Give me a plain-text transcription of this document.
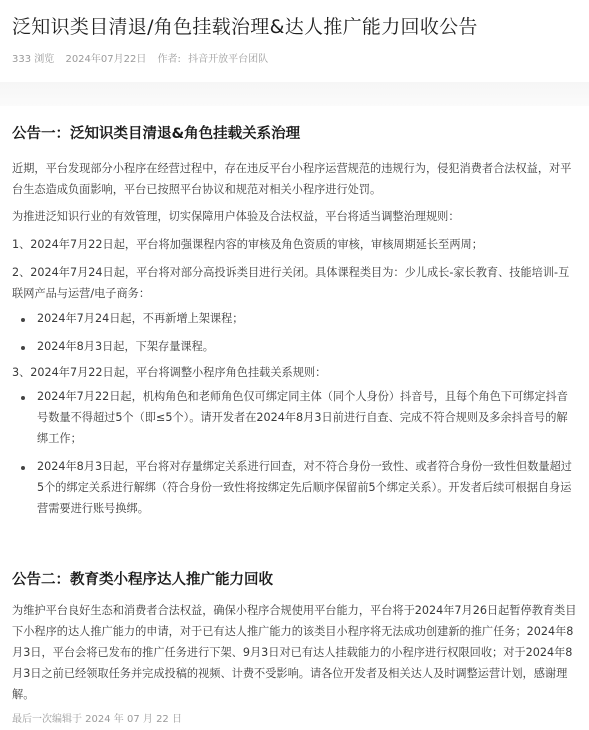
泛知识类目清退/角色挂载治理&达人推广能力回收公告
333 浏览 2024年07月22日 作者: 抖音开放平台团队
公告一：泛知识类目清退&角色挂载关系治理

近期，平台发现部分小程序在经营过程中，存在违反平台小程序运营规范的违规行为，侵犯消费者合法权益，对平台生态造成负面影响，平台已按照平台协议和规范对相关小程序进行处罚。

为推进泛知识行业的有效管理，切实保障用户体验及合法权益，平台将适当调整治理规则：

1、2024年7月22日起，平台将加强课程内容的审核及角色资质的审核，审核周期延长至两周；

2、2024年7月24日起，平台将对部分高投诉类目进行关闭。具体课程类目为：少儿成长-家长教育、技能培训-互联网产品与运营/电子商务：

2024年7月24日起，不再新增上架课程；

2024年8月3日起，下架存量课程。

3、2024年7月22日起，平台将调整小程序角色挂载关系规则：

2024年7月22日起，机构角色和老师角色仅可绑定同主体（同个人身份）抖音号，且每个角色下可绑定抖音号数量不得超过5个（即≤5个）。请开发者在2024年8月3日前进行自查、完成不符合规则及多余抖音号的解绑工作；

2024年8月3日起，平台将对存量绑定关系进行回查，对不符合身份一致性、或者符合身份一致性但数量超过5个的绑定关系进行解绑（符合身份一致性将按绑定先后顺序保留前5个绑定关系）。开发者后续可根据自身运营需要进行账号换绑。

公告二：教育类小程序达人推广能力回收

为维护平台良好生态和消费者合法权益，确保小程序合规使用平台能力，平台将于2024年7月26日起暂停教育类目下小程序的达人推广能力的申请，对于已有达人推广能力的该类目小程序将无法成功创建新的推广任务；2024年8月3日，平台会将已发布的推广任务进行下架、9月3日对已有达人挂载能力的小程序进行权限回收；对于2024年8月3日之前已经领取任务并完成投稿的视频、计费不受影响。请各位开发者及相关达人及时调整运营计划，感谢理解。

最后一次编辑于 2024 年 07 月 22 日
